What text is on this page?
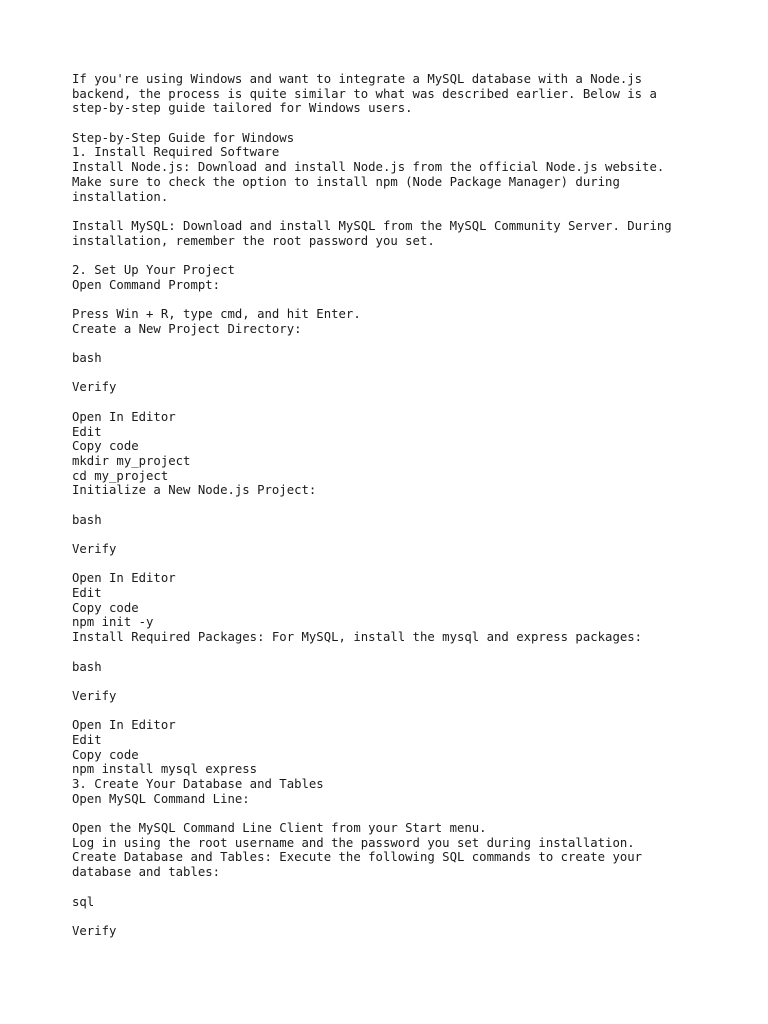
If you're using Windows and want to integrate a MySQL database with a Node.js
backend, the process is quite similar to what was described earlier. Below is a
step-by-step guide tailored for Windows users.
Step-by-Step Guide for Windows
1. Install Required Software
Install Node.js: Download and install Node.js from the official Node.js website.
Make sure to check the option to install npm (Node Package Manager) during
installation.
Install MySQL: Download and install MySQL from the MySQL Community Server. During
installation, remember the root password you set.
2. Set Up Your Project
Open Command Prompt:
Press Win + R, type cmd, and hit Enter.
Create a New Project Directory:
bash
Verify
Open In Editor
Edit
Copy code
mkdir my_project
cd my_project
Initialize a New Node.js Project:
bash
Verify
Open In Editor
Edit
Copy code
npm init -y
Install Required Packages: For MySQL, install the mysql and express packages:
bash
Verify
Open In Editor
Edit
Copy code
npm install mysql express
3. Create Your Database and Tables
Open MySQL Command Line:
Open the MySQL Command Line Client from your Start menu.
Log in using the root username and the password you set during installation.
Create Database and Tables: Execute the following SQL commands to create your
database and tables:
sql
Verify
